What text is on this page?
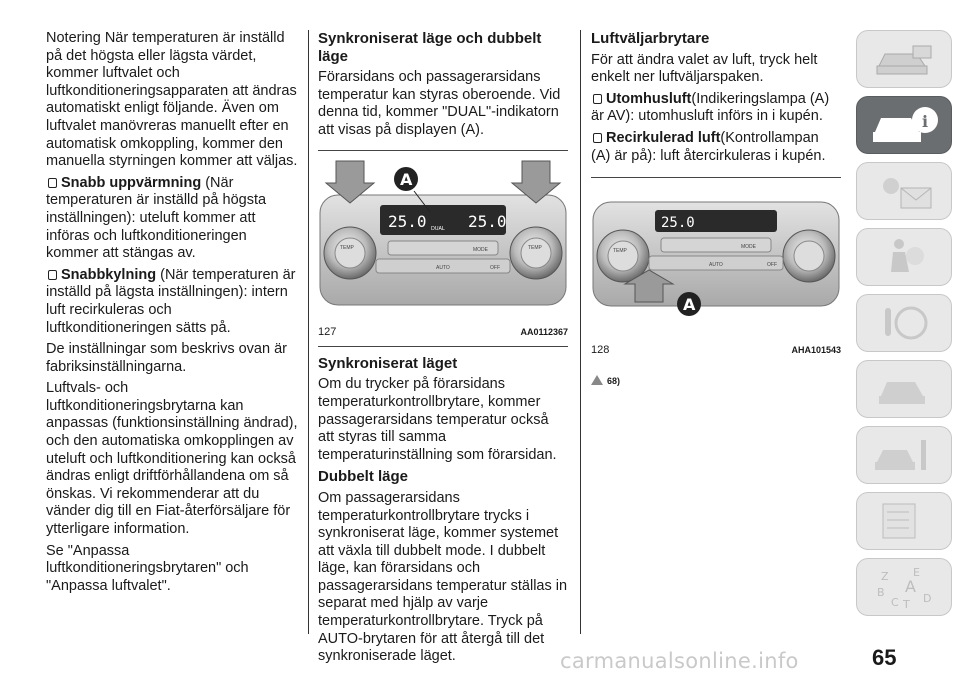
Notering När temperaturen är inställd på det högsta eller lägsta värdet, kommer luftvalet och luftkonditioneringsapparaten att ändras automatiskt enligt följande. Även om luftvalet manövreras manuellt efter en automatisk omkoppling, kommer den manuella styrningen kommer att väljas.

Snabb uppvärmning (När temperaturen är inställd på högsta inställningen): uteluft kommer att införas och luftkonditioneringen kommer att stängas av.

Snabbkylning (När temperaturen är inställd på lägsta inställningen): intern luft recirkuleras och luftkonditioneringen sätts på.

De inställningar som beskrivs ovan är fabriksinställningarna.

Luftvals- och luftkonditioneringsbrytarna kan anpassas (funktionsinställning ändrad), och den automatiska omkopplingen av uteluft och luftkonditionering kan också ändras enligt driftförhållandena om så önskas. Vi rekommenderar att du vänder dig till en Fiat-återförsäljare för ytterligare information.

Se "Anpassa luftkonditioneringsbrytaren" och "Anpassa luftvalet".

Synkroniserat läge och dubbelt läge

Förarsidans och passagerarsidans temperatur kan styras oberoende. Vid denna tid, kommer "DUAL"-indikatorn att visas på displayen (A).

25.0	25.0
DUAL
TEMP	TEMP
MODE
AUTO	OFF
A
127	AA0112367
Synkroniserat läget

Om du trycker på förarsidans temperaturkontrollbrytare, kommer passagerarsidans temperatur också att styras till samma temperaturinställning som förarsidan.

Dubbelt läge

Om passagerarsidans temperaturkontrollbrytare trycks i synkroniserat läge, kommer systemet att växla till dubbelt mode. I dubbelt läge, kan förarsidans och passagerarsidans temperatur ställas in separat med hjälp av varje temperaturkontrollbrytare. Tryck på AUTO-brytaren för att återgå till det synkroniserade läget.

Luftväljarbrytare

För att ändra valet av luft, tryck helt enkelt ner luftväljarspaken.

Utomhusluft(Indikeringslampa (A) är AV): utomhusluft införs in i kupén.

Recirkulerad luft(Kontrollampan (A) är på): luft återcirkuleras i kupén.

25.0
TEMP
MODE
AUTO	OFF
A
128	AHA101543
68)
i
Z E
B A
C T D
65
carmanualsonline.info
